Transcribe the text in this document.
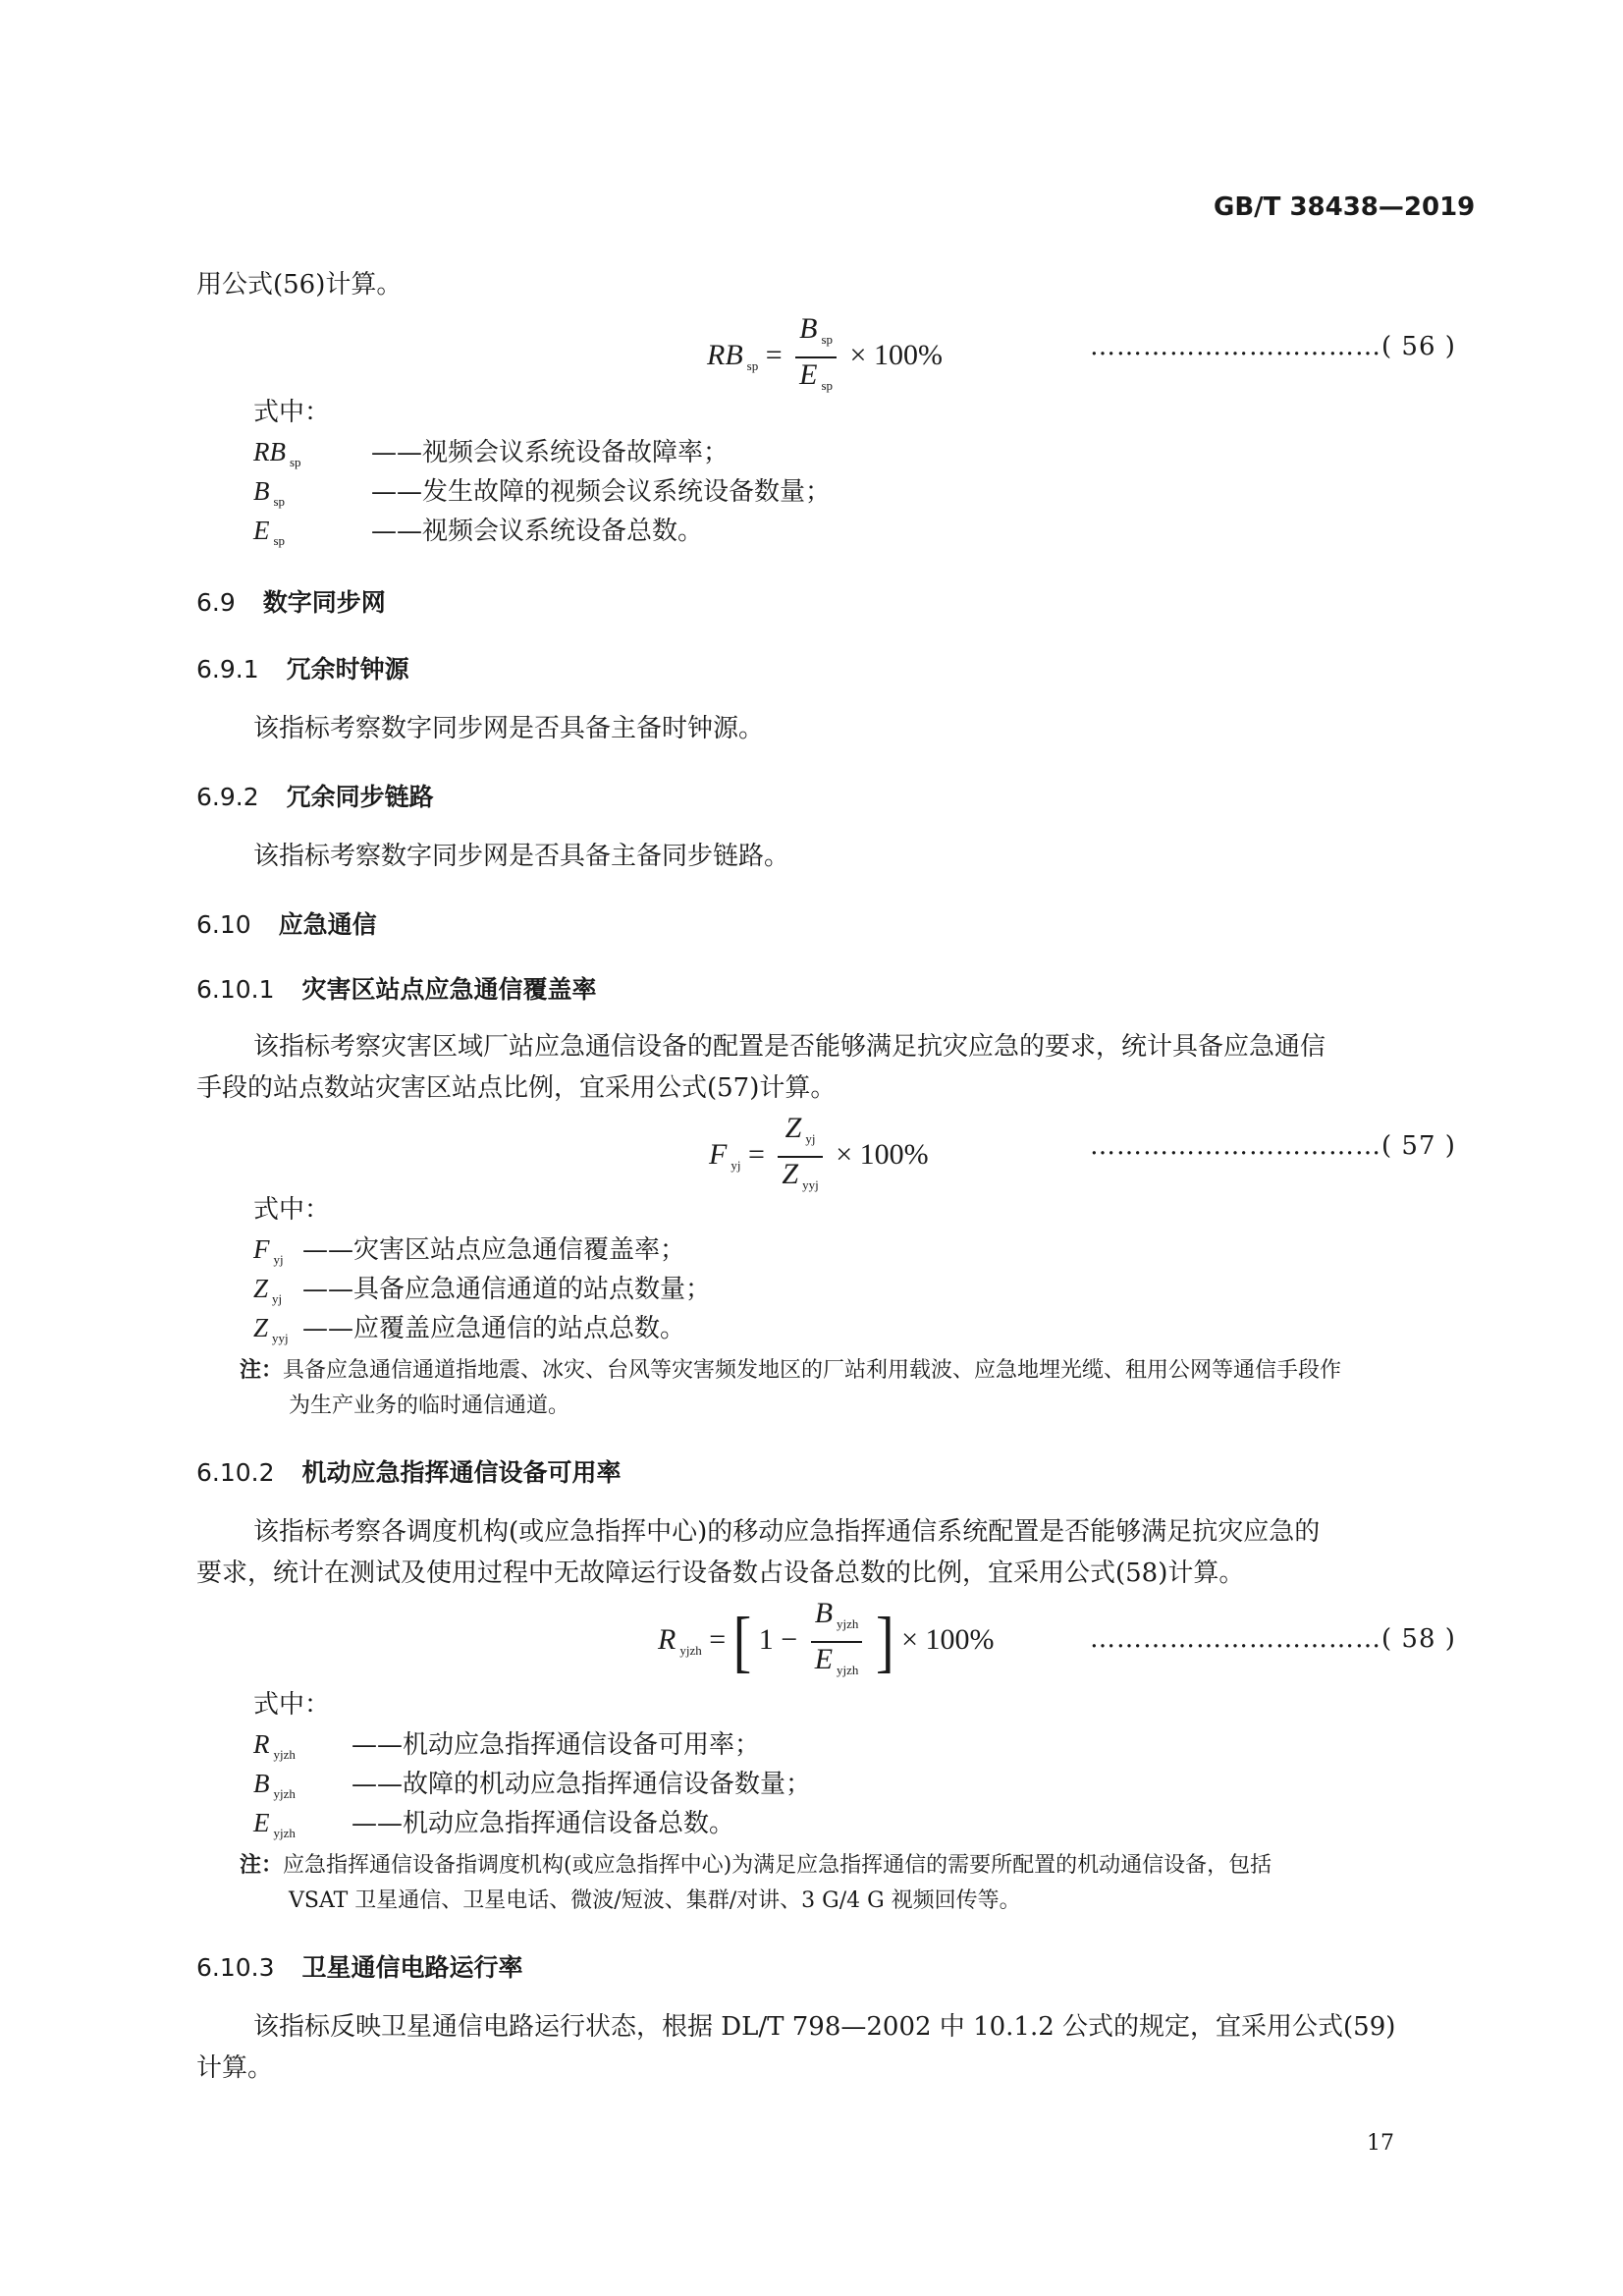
GB/T 38438—2019
用公式(56)计算。
RB $_{sp} = \frac{B _{sp}}{E _{sp}} \times 100\%$	……………………………( 56 )
式中：
RB $_{sp}$	——视频会议系统设备故障率；
B $_{sp}$	——发生故障的视频会议系统设备数量；
E $_{sp}$	——视频会议系统设备总数。
6.9 数字同步网
6.9.1 冗余时钟源
该指标考察数字同步网是否具备主备时钟源。
6.9.2 冗余同步链路
该指标考察数字同步网是否具备主备同步链路。
6.10 应急通信
6.10.1 灾害区站点应急通信覆盖率
该指标考察灾害区域厂站应急通信设备的配置是否能够满足抗灾应急的要求，统计具备应急通信
手段的站点数站灾害区站点比例，宜采用公式(57)计算。
F $_{yj} = \frac{Z _{yj}}{Z _{yyj}} \times 100\%$	……………………………( 57 )
式中：
F $_{yj}$ ——灾害区站点应急通信覆盖率；
Z $_{yj}$ ——具备应急通信通道的站点数量；
Z $_{yyj}$ ——应覆盖应急通信的站点总数。
注：具备应急通信通道指地震、冰灾、台风等灾害频发地区的厂站利用载波、应急地埋光缆、租用公网等通信手段作
为生产业务的临时通信通道。
6.10.2 机动应急指挥通信设备可用率
该指标考察各调度机构(或应急指挥中心)的移动应急指挥通信系统配置是否能够满足抗灾应急的
要求，统计在测试及使用过程中无故障运行设备数占设备总数的比例，宜采用公式(58)计算。
R $_{yjzh}$ = [ $1 - \frac{B _{yjzh}}{E _{yjzh}}$ ] × 100%	……………………………( 58 )
式中：
R $_{yjzh}$ ——机动应急指挥通信设备可用率；
B $_{yjzh}$ ——故障的机动应急指挥通信设备数量；
E $_{yjzh}$ ——机动应急指挥通信设备总数。
注：应急指挥通信设备指调度机构(或应急指挥中心)为满足应急指挥通信的需要所配置的机动通信设备，包括
VSAT 卫星通信、卫星电话、微波/短波、集群/对讲、3 G/4 G 视频回传等。
6.10.3 卫星通信电路运行率
该指标反映卫星通信电路运行状态，根据 DL/T 798—2002 中 10.1.2 公式的规定，宜采用公式(59)
计算。
17
